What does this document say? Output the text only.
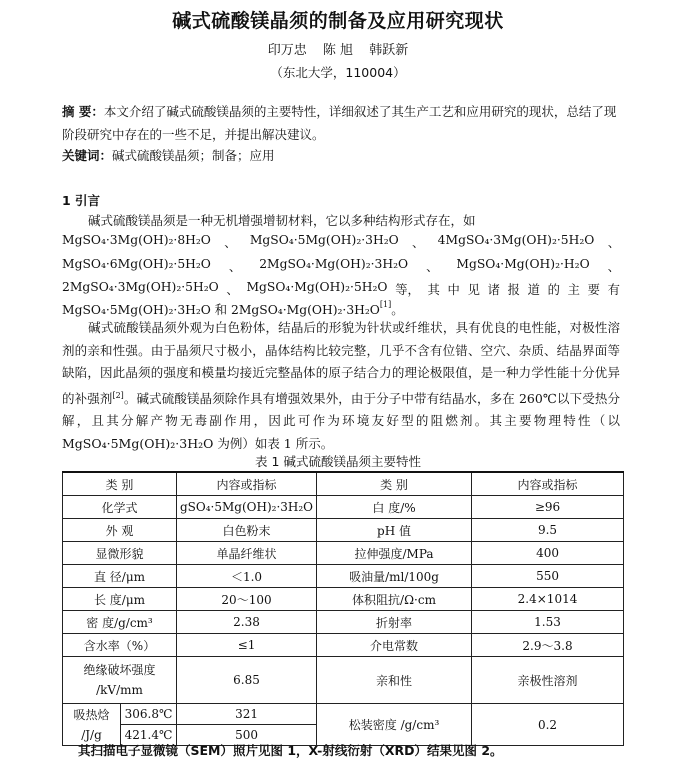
碱式硫酸镁晶须的制备及应用研究现状
印万忠 陈 旭 韩跃新
（东北大学，110004）
摘 要：本文介绍了碱式硫酸镁晶须的主要特性，详细叙述了其生产工艺和应用研究的现状，总结了现阶段研究中存在的一些不足，并提出解决建议。
关键词：碱式硫酸镁晶须；制备；应用
1 引言
碱式硫酸镁晶须是一种无机增强增韧材料，它以多种结构形式存在，如
MgSO₄·3Mg(OH)₂·8H₂O 、 MgSO₄·5Mg(OH)₂·3H₂O 、 4MgSO₄·3Mg(OH)₂·5H₂O 、
MgSO₄·6Mg(OH)₂·5H₂O 、 2MgSO₄·Mg(OH)₂·3H₂O 、 MgSO₄·Mg(OH)₂·H₂O 、
2MgSO₄·3Mg(OH)₂·5H₂O 、 MgSO₄·Mg(OH)₂·5H₂O 等， 其 中 见 诸 报 道 的 主 要 有
MgSO₄·5Mg(OH)₂·3H₂O 和 2MgSO₄·Mg(OH)₂·3H₂O [1] 。
碱式硫酸镁晶须外观为白色粉体，结晶后的形貌为针状或纤维状，具有优良的电性能，对极性溶剂的亲和性强。由于晶须尺寸极小，晶体结构比较完整，几乎不含有位错、空穴、杂质、结晶界面等缺陷，因此晶须的强度和模量均接近完整晶体的原子结合力的理论极限值，是一种力学性能十分优异的补强剂[2]。碱式硫酸镁晶须除作具有增强效果外，由于分子中带有结晶水，多在 260℃以下受热分解，且其分解产物无毒副作用，因此可作为环境友好型的阻燃剂。其主要物理特性（以 MgSO₄·5Mg(OH)₂·3H₂O 为例）如表 1 所示。
表 1 碱式硫酸镁晶须主要特性
类 别		内容或指标	类 别	内容或指标
化学式		gSO₄·5Mg(OH)₂·3H₂O	白 度/%	≥96
外 观		白色粉末	pH 值	9.5
显微形貌		单晶纤维状	拉伸强度/MPa	400
直 径/μm		＜1.0	吸油量/ml/100g	550
长 度/μm		20～100	体积阻抗/Ω·cm	2.4×1014
密 度/g/cm³		2.38	折射率	1.53
含水率（%）		≤1	介电常数	2.9～3.8

绝缘破坏强度
/kV/mm		6.85	亲和性	亲极性溶剂

吸热焓
/J/g	306.8℃	321	松装密度 /g/cm³	0.2
	421.4℃	500		
其扫描电子显微镜（SEM）照片见图 1，X-射线衍射（XRD）结果见图 2。
